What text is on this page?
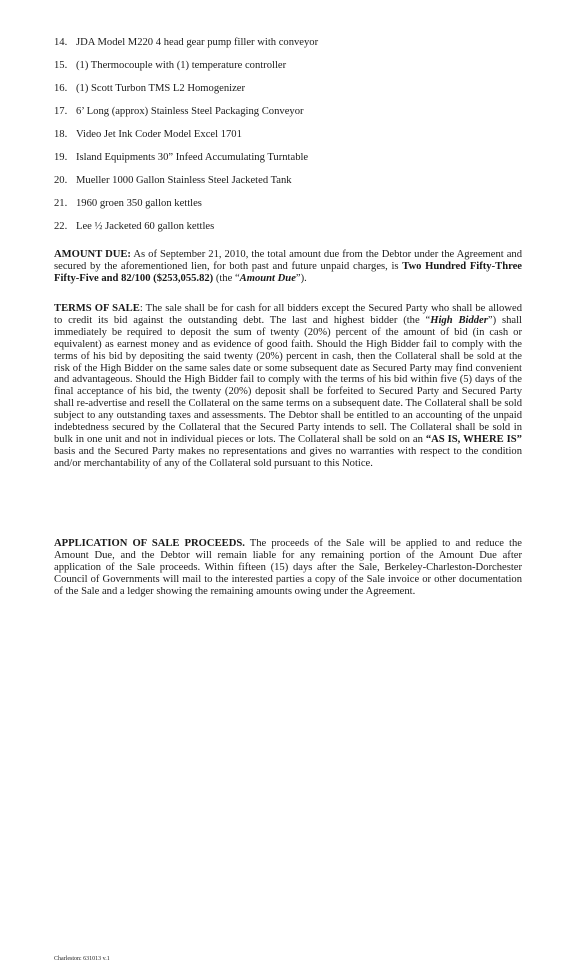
14. JDA Model M220 4 head gear pump filler with conveyor
15. (1) Thermocouple with (1) temperature controller
16. (1) Scott Turbon TMS L2 Homogenizer
17. 6’ Long (approx) Stainless Steel Packaging Conveyor
18. Video Jet Ink Coder Model Excel 1701
19. Island Equipments 30” Infeed Accumulating Turntable
20. Mueller 1000 Gallon Stainless Steel Jacketed Tank
21. 1960 groen 350 gallon kettles
22. Lee ½ Jacketed 60 gallon kettles

AMOUNT DUE: As of September 21, 2010, the total amount due from the Debtor under the Agreement and secured by the aforementioned lien, for both past and future unpaid charges, is Two Hundred Fifty-Three Fifty-Five and 82/100 ($253,055.82) (the “Amount Due”).

TERMS OF SALE: The sale shall be for cash for all bidders except the Secured Party who shall be allowed to credit its bid against the outstanding debt. The last and highest bidder (the “High Bidder”) shall immediately be required to deposit the sum of twenty (20%) percent of the amount of bid (in cash or equivalent) as earnest money and as evidence of good faith. Should the High Bidder fail to comply with the terms of his bid by depositing the said twenty (20%) percent in cash, then the Collateral shall be sold at the risk of the High Bidder on the same sales date or some subsequent date as Secured Party may find convenient and advantageous. Should the High Bidder fail to comply with the terms of his bid within five (5) days of the final acceptance of his bid, the twenty (20%) deposit shall be forfeited to Secured Party and Secured Party shall re-advertise and resell the Collateral on the same terms on a subsequent date. The Collateral shall be sold subject to any outstanding taxes and assessments. The Debtor shall be entitled to an accounting of the unpaid indebtedness secured by the Collateral that the Secured Party intends to sell. The Collateral shall be sold in bulk in one unit and not in individual pieces or lots. The Collateral shall be sold on an “AS IS, WHERE IS” basis and the Secured Party makes no representations and gives no warranties with respect to the condition and/or merchantability of any of the Collateral sold pursuant to this Notice.

APPLICATION OF SALE PROCEEDS. The proceeds of the Sale will be applied to and reduce the Amount Due, and the Debtor will remain liable for any remaining portion of the Amount Due after application of the Sale proceeds. Within fifteen (15) days after the Sale, Berkeley-Charleston-Dorchester Council of Governments will mail to the interested parties a copy of the Sale invoice or other documentation of the Sale and a ledger showing the remaining amounts owing under the Agreement.

Charleston: 631013 v.1
